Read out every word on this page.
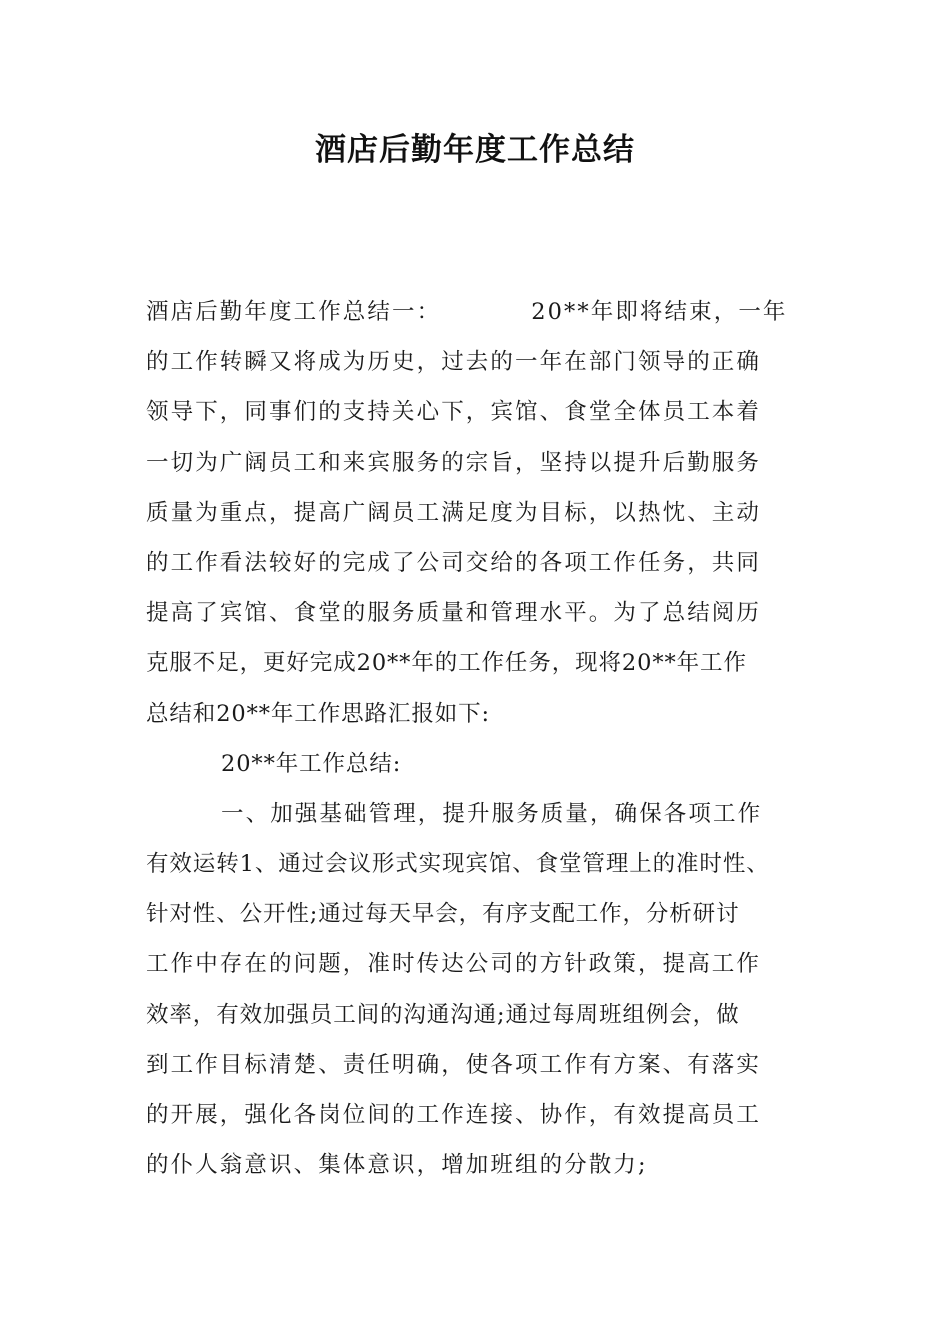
酒店后勤年度工作总结
酒店后勤年度工作总结一：	20**年即将结束，一年
的工作转瞬又将成为历史，过去的一年在部门领导的正确
领导下，同事们的支持关心下，宾馆、食堂全体员工本着
一切为广阔员工和来宾服务的宗旨，坚持以提升后勤服务
质量为重点，提高广阔员工满足度为目标，以热忱、主动
的工作看法较好的完成了公司交给的各项工作任务，共同
提高了宾馆、食堂的服务质量和管理水平。为了总结阅历
克服不足，更好完成20**年的工作任务，现将20**年工作
总结和20**年工作思路汇报如下:
20**年工作总结:
一、加强基础管理，提升服务质量，确保各项工作
有效运转1、通过会议形式实现宾馆、食堂管理上的准时性、
针对性、公开性;通过每天早会，有序支配工作，分析研讨
工作中存在的问题，准时传达公司的方针政策，提高工作
效率，有效加强员工间的沟通沟通;通过每周班组例会，做
到工作目标清楚、责任明确，使各项工作有方案、有落实
的开展，强化各岗位间的工作连接、协作，有效提高员工
的仆人翁意识、集体意识，增加班组的分散力;
